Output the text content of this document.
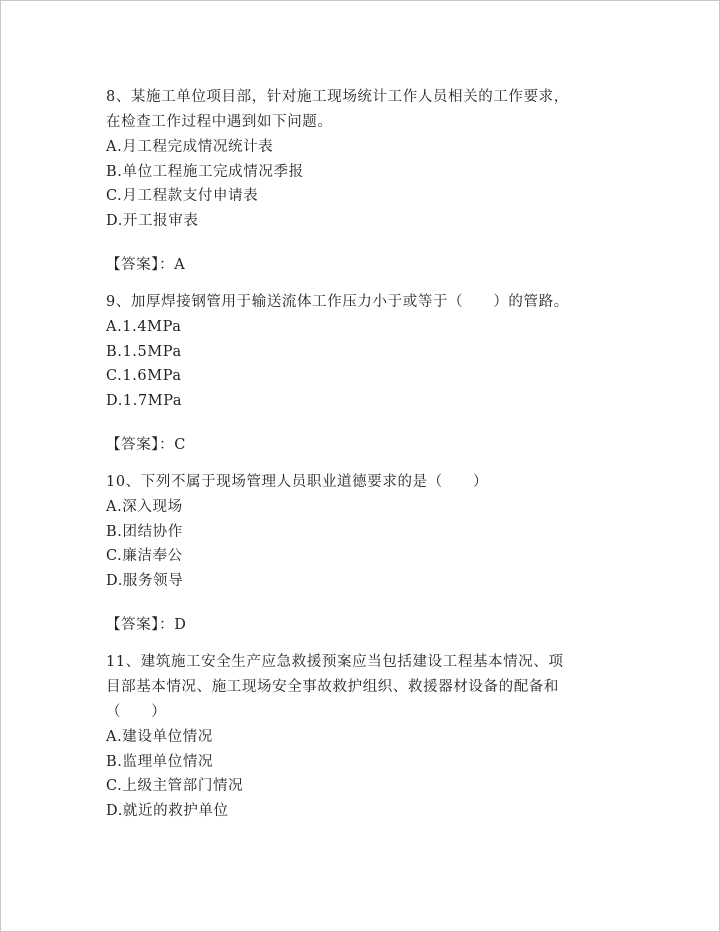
8、某施工单位项目部，针对施工现场统计工作人员相关的工作要求，

在检查工作过程中遇到如下问题。

A.月工程完成情况统计表

B.单位工程施工完成情况季报

C.月工程款支付申请表

D.开工报审表

【答案】：A

9、加厚焊接钢管用于输送流体工作压力小于或等于（　　）的管路。

A.1.4MPa

B.1.5MPa

C.1.6MPa

D.1.7MPa

【答案】：C

10、下列不属于现场管理人员职业道德要求的是（　　）

A.深入现场

B.团结协作

C.廉洁奉公

D.服务领导

【答案】：D

11、建筑施工安全生产应急救援预案应当包括建设工程基本情况、项

目部基本情况、施工现场安全事故救护组织、救援器材设备的配备和

（　　）

A.建设单位情况

B.监理单位情况

C.上级主管部门情况

D.就近的救护单位
